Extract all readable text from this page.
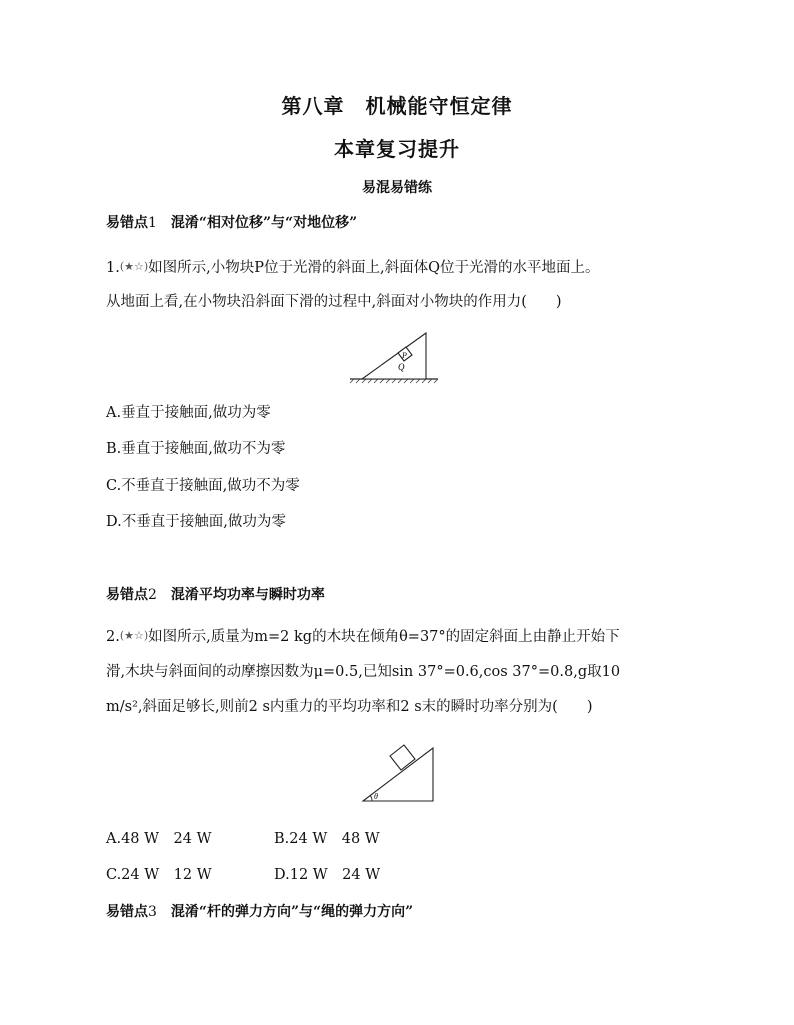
第八章　机械能守恒定律
本章复习提升
易混易错练
易错点1　 混淆“相对位移”与“对地位移”
1.(★☆)如图所示,小物块P位于光滑的斜面上,斜面体Q位于光滑的水平地面上。
从地面上看,在小物块沿斜面下滑的过程中,斜面对小物块的作用力(　　)
P
Q
A.垂直于接触面,做功为零
B.垂直于接触面,做功不为零
C.不垂直于接触面,做功不为零
D.不垂直于接触面,做功为零
易错点2　 混淆平均功率与瞬时功率
2.(★☆)如图所示,质量为m=2 kg的木块在倾角θ=37°的固定斜面上由静止开始下
滑,木块与斜面间的动摩擦因数为μ=0.5,已知sin 37°=0.6,cos 37°=0.8,g取10
m/s²,斜面足够长,则前2 s内重力的平均功率和2 s末的瞬时功率分别为(　　)
θ
A.48 W　24 W	B.24 W　48 W
C.24 W　12 W	D.12 W　24 W
易错点3　 混淆“杆的弹力方向”与“绳的弹力方向”
